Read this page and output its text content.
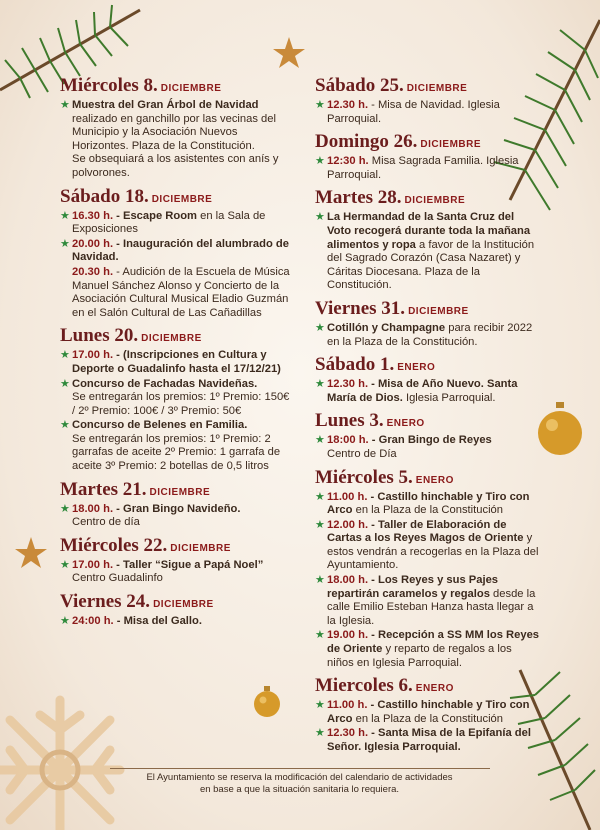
Miércoles 8. DICIEMBRE
★ Muestra del Gran Árbol de Navidad realizado en ganchillo por las vecinas del Municipio y la Asociación Nuevos Horizontes. Plaza de la Constitución.
Se obsequiará a los asistentes con anís y polvorones.
Sábado 18. DICIEMBRE
★ 16.30 h. - Escape Room en la Sala de Exposiciones
★ 20.00 h. - Inauguración del alumbrado de Navidad.
20.30 h. - Audición de la Escuela de Música Manuel Sánchez Alonso y Concierto de la Asociación Cultural Musical Eladio Guzmán en el Salón Cultural de Las Cañadillas
Lunes 20. DICIEMBRE
★ 17.00 h. - (Inscripciones en Cultura y Deporte o Guadalinfo hasta el 17/12/21)
★ Concurso de Fachadas Navideñas.
Se entregarán los premios: 1º Premio: 150€ / 2º Premio: 100€ / 3º Premio: 50€
★ Concurso de Belenes en Familia.
Se entregarán los premios: 1º Premio: 2 garrafas de aceite 2º Premio: 1 garrafa de aceite 3º Premio: 2 botellas de 0,5 litros
Martes 21. DICIEMBRE
★ 18.00 h. - Gran Bingo Navideño.
Centro de día
Miércoles 22. DICIEMBRE
★ 17.00 h. - Taller “Sigue a Papá Noel”
Centro Guadalinfo
Viernes 24. DICIEMBRE
★ 24:00 h. - Misa del Gallo.
Sábado 25. DICIEMBRE
★ 12.30 h. - Misa de Navidad. Iglesia Parroquial.
Domingo 26. DICIEMBRE
★ 12:30 h. Misa Sagrada Familia. Iglesia Parroquial.
Martes 28. DICIEMBRE
★ La Hermandad de la Santa Cruz del Voto recogerá durante toda la mañana alimentos y ropa a favor de la Institución del Sagrado Corazón (Casa Nazaret) y Cáritas Diocesana. Plaza de la Constitución.
Viernes 31. DICIEMBRE
★ Cotillón y Champagne para recibir 2022 en la Plaza de la Constitución.
Sábado 1. ENERO
★ 12.30 h. - Misa de Año Nuevo. Santa María de Dios. Iglesia Parroquial.
Lunes 3. ENERO
★ 18:00 h. - Gran Bingo de Reyes
Centro de Día
Miércoles 5. ENERO
★ 11.00 h. - Castillo hinchable y Tiro con Arco en la Plaza de la Constitución
★ 12.00 h. - Taller de Elaboración de Cartas a los Reyes Magos de Oriente y estos vendrán a recogerlas en la Plaza del Ayuntamiento.
★ 18.00 h. - Los Reyes y sus Pajes repartirán caramelos y regalos desde la calle Emilio Esteban Hanza hasta llegar a la Iglesia.
★ 19.00 h. - Recepción a SS MM los Reyes de Oriente y reparto de regalos a los niños en Iglesia Parroquial.
Miercoles 6. ENERO
★ 11.00 h. - Castillo hinchable y Tiro con Arco en la Plaza de la Constitución
★ 12.30 h. - Santa Misa de la Epifanía del Señor. Iglesia Parroquial.
El Ayuntamiento se reserva la modificación del calendario de actividades
en base a que la situación sanitaria lo requiera.
